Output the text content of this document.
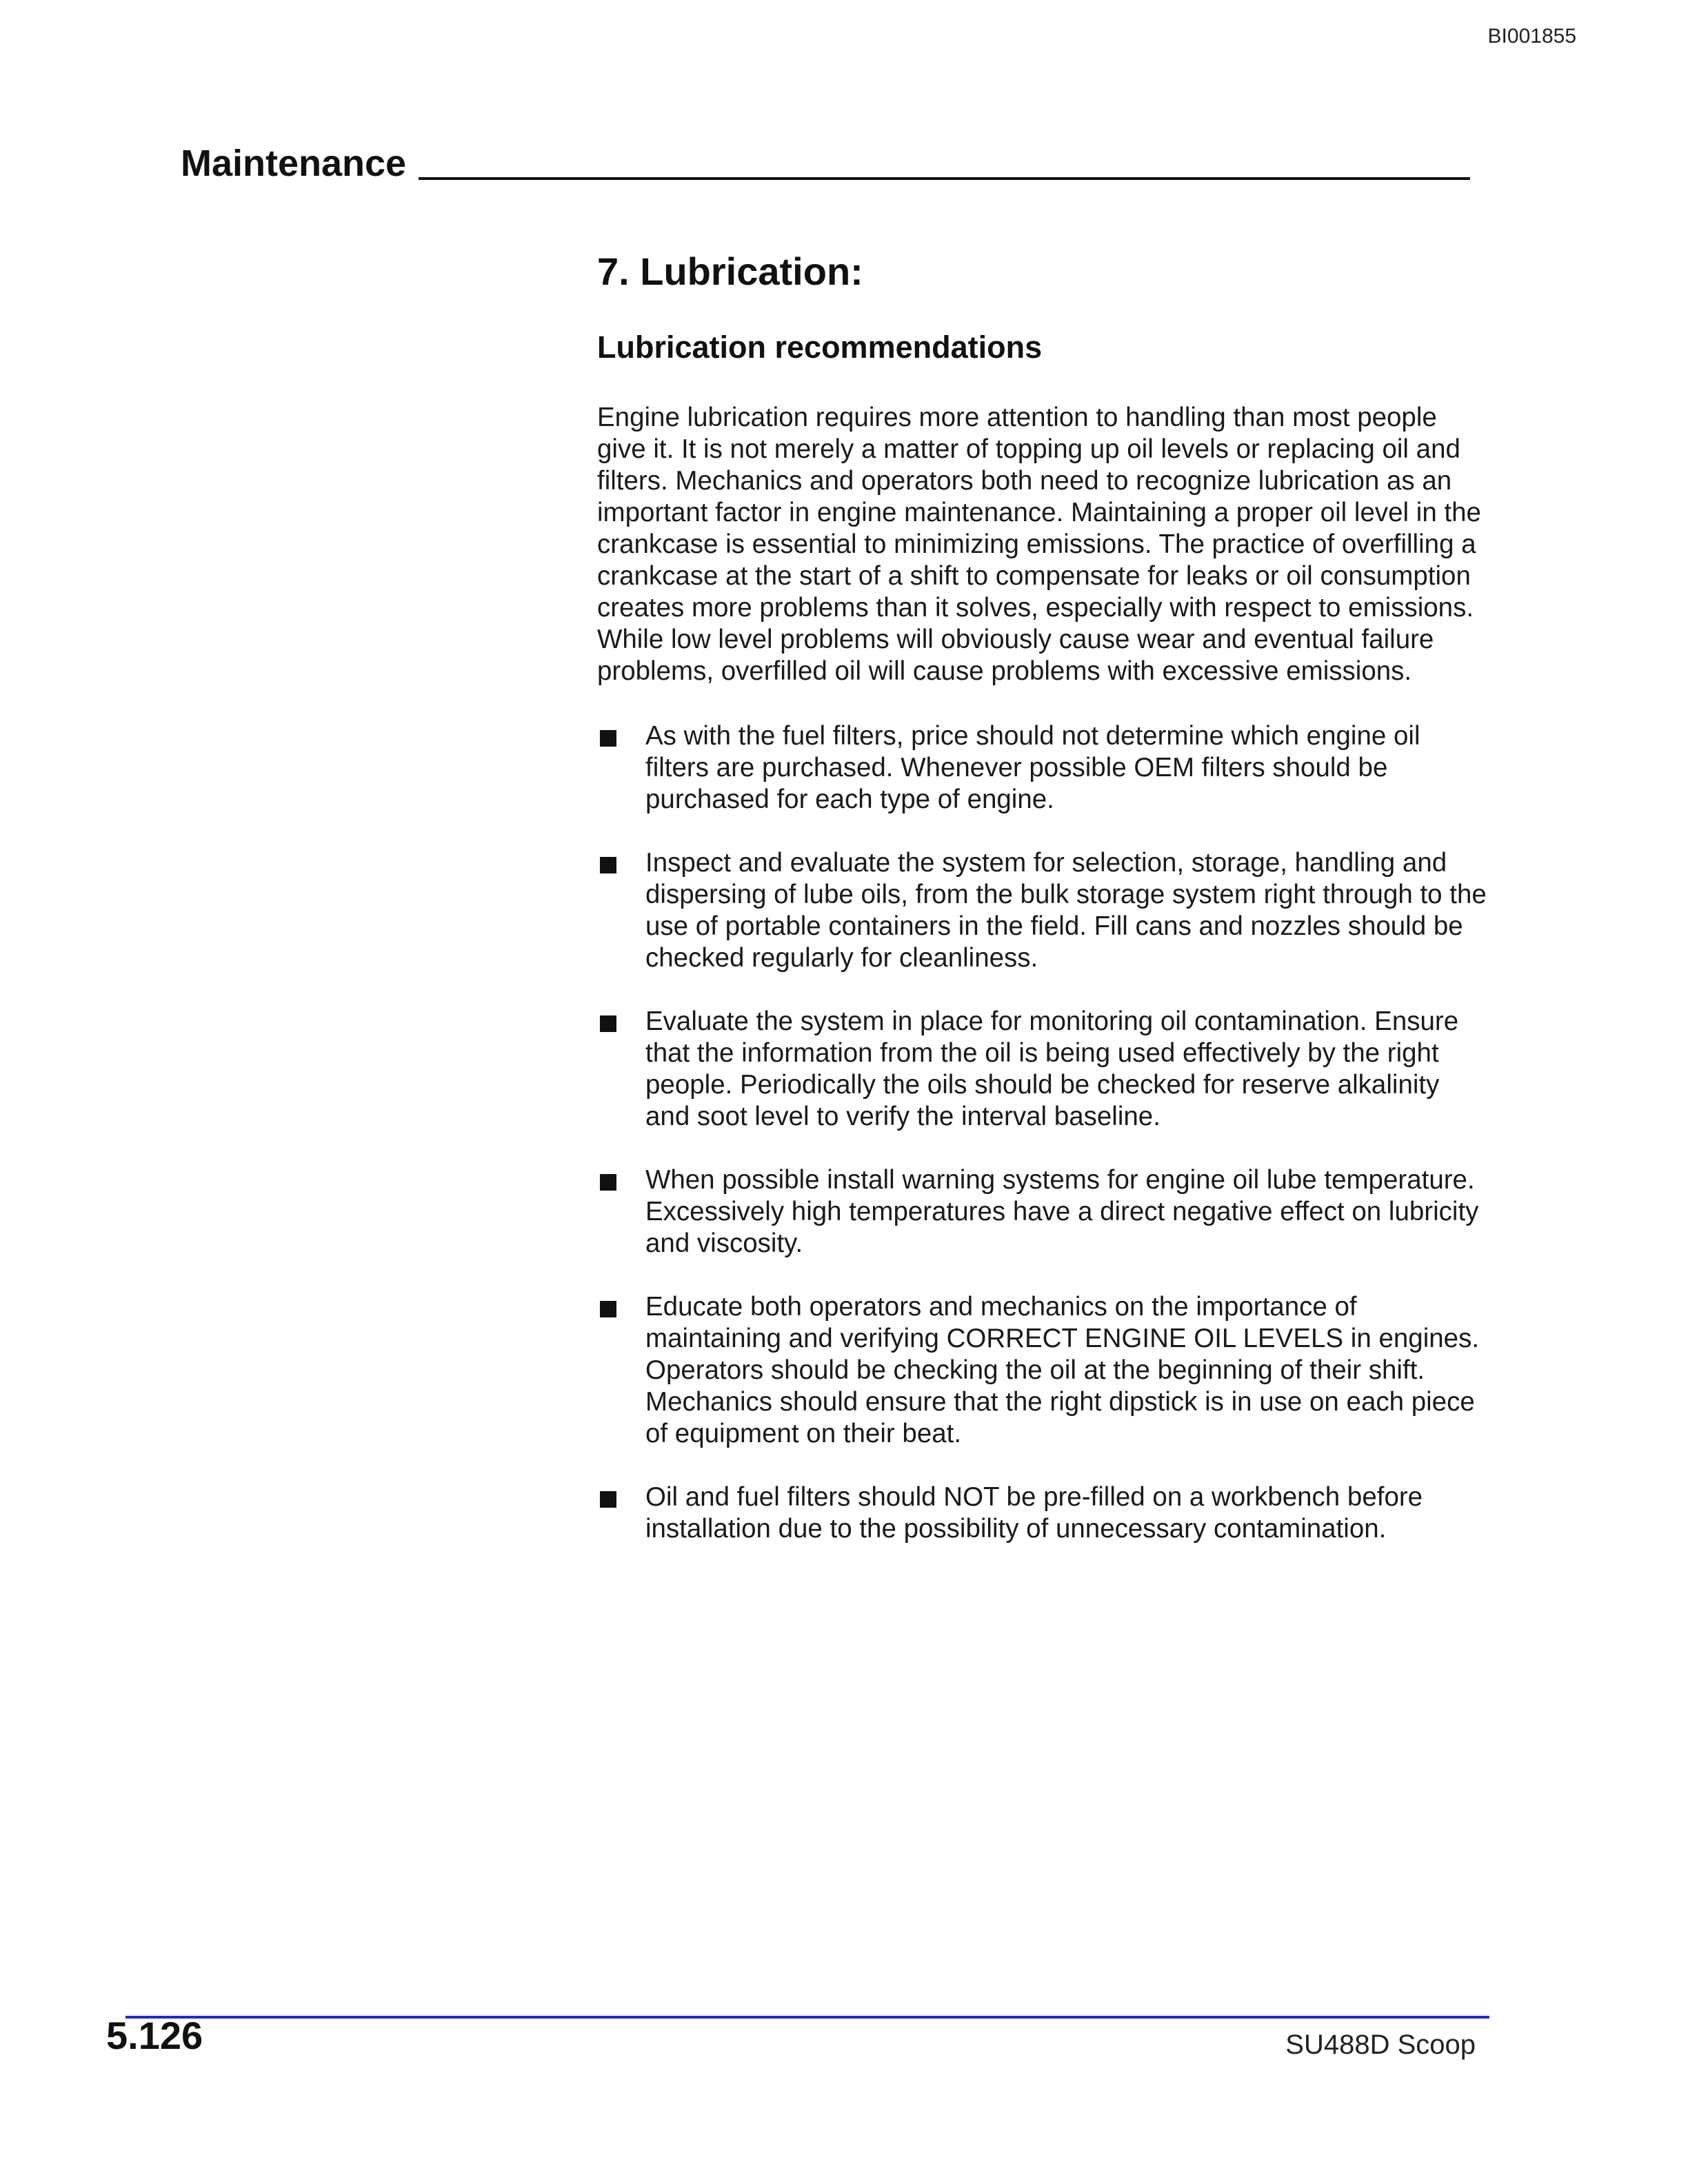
BI001855
Maintenance
7. Lubrication:
Lubrication recommendations

Engine lubrication requires more attention to handling than most people give it. It is not merely a matter of topping up oil levels or replacing oil and filters. Mechanics and operators both need to recognize lubrication as an important factor in engine maintenance. Maintaining a proper oil level in the crankcase is essential to minimizing emissions. The practice of overfilling a crankcase at the start of a shift to compensate for leaks or oil consumption creates more problems than it solves, especially with respect to emissions. While low level problems will obviously cause wear and eventual failure problems, overfilled oil will cause problems with excessive emissions.

As with the fuel filters, price should not determine which engine oil filters are purchased. Whenever possible OEM filters should be purchased for each type of engine.
Inspect and evaluate the system for selection, storage, handling and dispersing of lube oils, from the bulk storage system right through to the use of portable containers in the field. Fill cans and nozzles should be checked regularly for cleanliness.
Evaluate the system in place for monitoring oil contamination. Ensure that the information from the oil is being used effectively by the right people. Periodically the oils should be checked for reserve alkalinity and soot level to verify the interval baseline.
When possible install warning systems for engine oil lube temperature. Excessively high temperatures have a direct negative effect on lubricity and viscosity.
Educate both operators and mechanics on the importance of maintaining and verifying CORRECT ENGINE OIL LEVELS in engines. Operators should be checking the oil at the beginning of their shift. Mechanics should ensure that the right dipstick is in use on each piece of equipment on their beat.
Oil and fuel filters should NOT be pre-filled on a workbench before installation due to the possibility of unnecessary contamination.
5.126	SU488D Scoop
